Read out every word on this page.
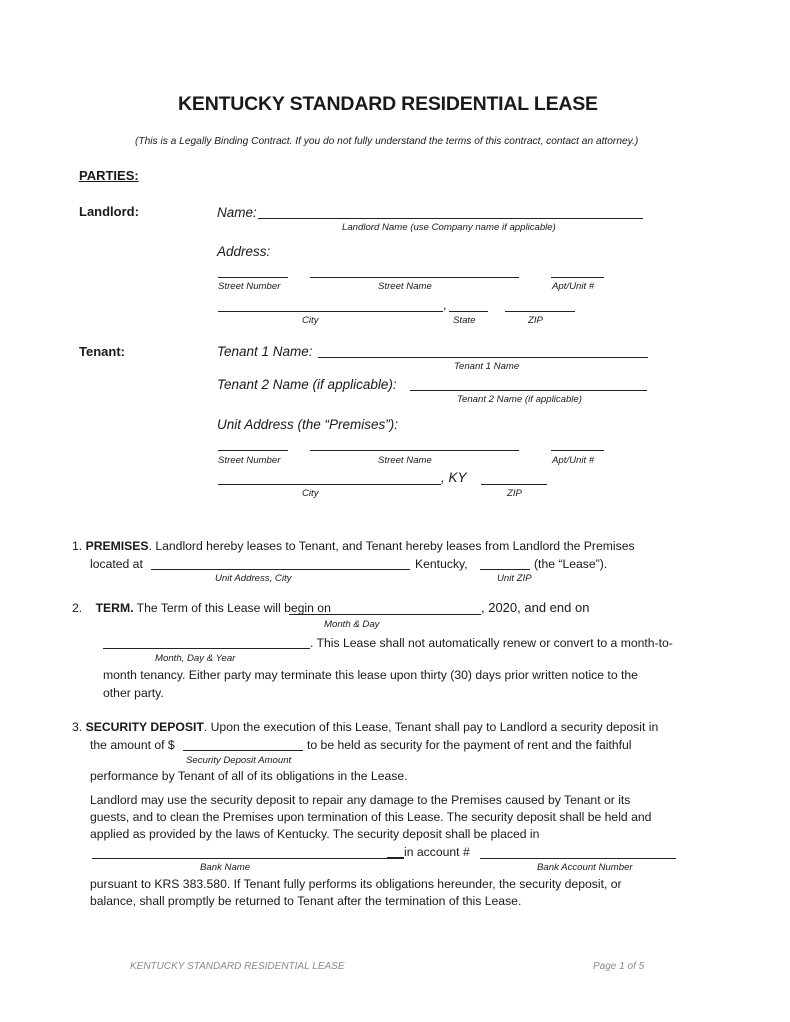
KENTUCKY STANDARD RESIDENTIAL LEASE
(This is a Legally Binding Contract. If you do not fully understand the terms of this contract, contact an attorney.)
PARTIES:
Landlord:	Name:
Landlord Name (use Company name if applicable)
Address:
Street Number	Street Name	Apt/Unit #
,
City	State	ZIP
Tenant:	Tenant 1 Name:
Tenant 1 Name
Tenant 2 Name (if applicable):
Tenant 2 Name (if applicable)
Unit Address (the “Premises”):
Street Number	Street Name	Apt/Unit #
, KY
City	ZIP
1. PREMISES. Landlord hereby leases to Tenant, and Tenant hereby leases from Landlord the Premises
located at	Kentucky,	(the “Lease”).
Unit Address, City	Unit ZIP
2. TERM. The Term of this Lease will begin on	, 2020, and end on
Month & Day
. This Lease shall not automatically renew or convert to a month-to-
Month, Day & Year
month tenancy. Either party may terminate this lease upon thirty (30) days prior written notice to the
other party.
3. SECURITY DEPOSIT. Upon the execution of this Lease, Tenant shall pay to Landlord a security deposit in
the amount of $	to be held as security for the payment of rent and the faithful
Security Deposit Amount
performance by Tenant of all of its obligations in the Lease.
Landlord may use the security deposit to repair any damage to the Premises caused by Tenant or its
guests, and to clean the Premises upon termination of this Lease. The security deposit shall be held and
applied as provided by the laws of Kentucky. The security deposit shall be placed in
in account #
Bank Name	Bank Account Number
pursuant to KRS 383.580. If Tenant fully performs its obligations hereunder, the security deposit, or
balance, shall promptly be returned to Tenant after the termination of this Lease.
KENTUCKY STANDARD RESIDENTIAL LEASE	Page 1 of 5
